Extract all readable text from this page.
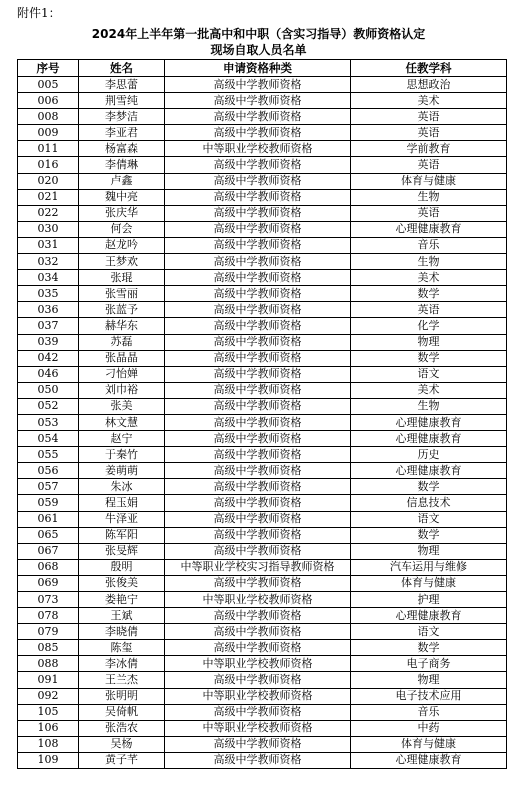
附件1：
2024年上半年第一批高中和中职（含实习指导）教师资格认定
现场自取人员名单
序号	姓名	申请资格种类	任教学科
005	李思蕾	高级中学教师资格	思想政治
006	荆雪纯	高级中学教师资格	美术
008	李梦洁	高级中学教师资格	英语
009	李亚君	高级中学教师资格	英语
011	杨富森	中等职业学校教师资格	学前教育
016	李倩琳	高级中学教师资格	英语
020	卢鑫	高级中学教师资格	体育与健康
021	魏中亮	高级中学教师资格	生物
022	张庆华	高级中学教师资格	英语
030	何会	高级中学教师资格	心理健康教育
031	赵龙吟	高级中学教师资格	音乐
032	王梦欢	高级中学教师资格	生物
034	张琨	高级中学教师资格	美术
035	张雪丽	高级中学教师资格	数学
036	张蓝予	高级中学教师资格	英语
037	赫华东	高级中学教师资格	化学
039	苏磊	高级中学教师资格	物理
042	张晶晶	高级中学教师资格	数学
046	刁怡婵	高级中学教师资格	语文
050	刘巾裕	高级中学教师资格	美术
052	张美	高级中学教师资格	生物
053	林文慧	高级中学教师资格	心理健康教育
054	赵宁	高级中学教师资格	心理健康教育
055	于秦竹	高级中学教师资格	历史
056	姜萌萌	高级中学教师资格	心理健康教育
057	朱冰	高级中学教师资格	数学
059	程玉娟	高级中学教师资格	信息技术
061	牛泽亚	高级中学教师资格	语文
065	陈军阳	高级中学教师资格	数学
067	张旻辉	高级中学教师资格	物理
068	殷明	中等职业学校实习指导教师资格	汽车运用与维修
069	张俊美	高级中学教师资格	体育与健康
073	娄艳宁	中等职业学校教师资格	护理
078	王斌	高级中学教师资格	心理健康教育
079	李晓倩	高级中学教师资格	语文
085	陈玺	高级中学教师资格	数学
088	李冰倩	中等职业学校教师资格	电子商务
091	王兰杰	高级中学教师资格	物理
092	张明明	中等职业学校教师资格	电子技术应用
105	吴倚帆	高级中学教师资格	音乐
106	张浩农	中等职业学校教师资格	中药
108	吴杨	高级中学教师资格	体育与健康
109	黄子芊	高级中学教师资格	心理健康教育
